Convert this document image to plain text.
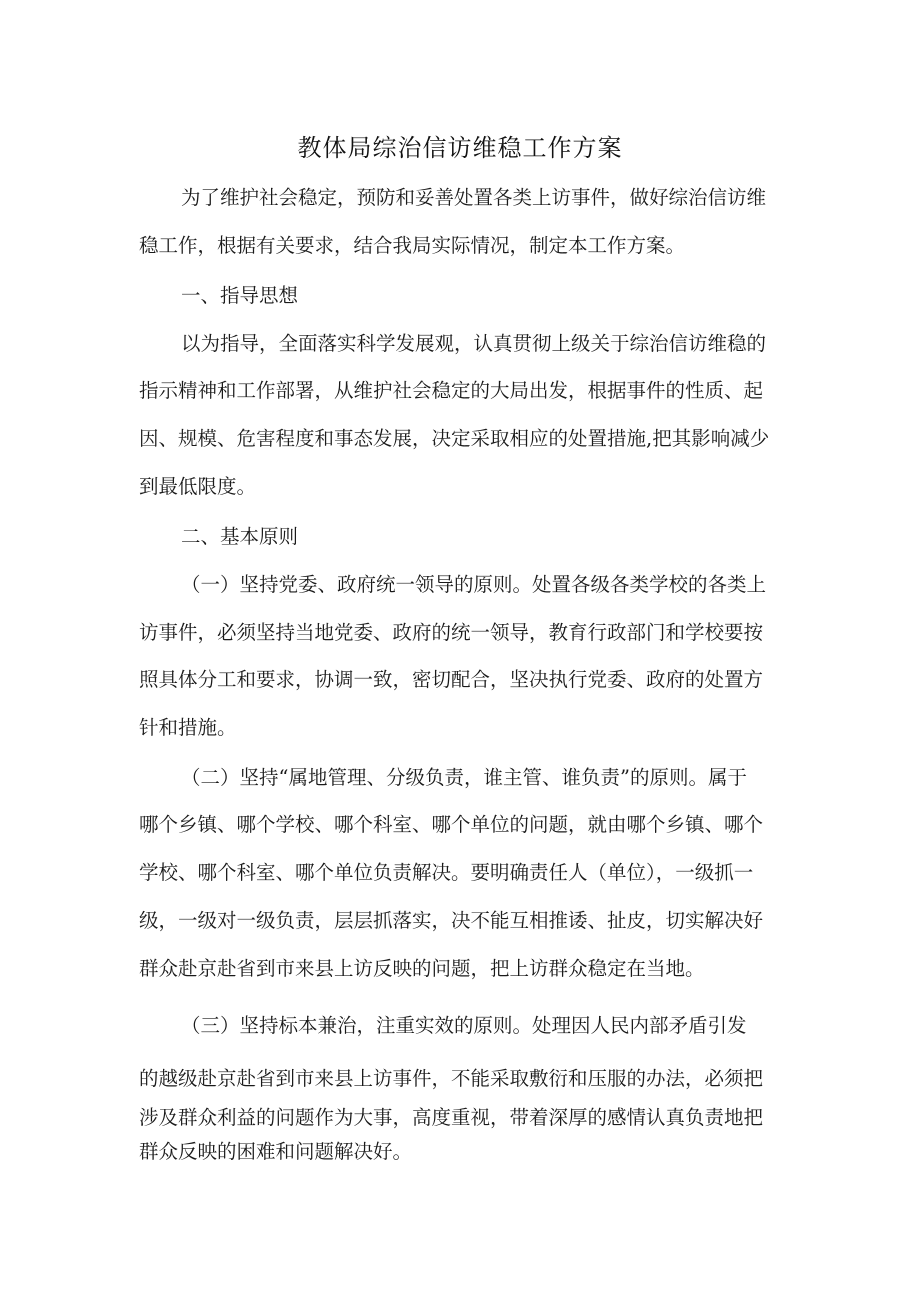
教体局综治信访维稳工作方案
为了维护社会稳定，预防和妥善处置各类上访事件，做好综治信访维
稳工作，根据有关要求，结合我局实际情况，制定本工作方案。
一、指导思想
以为指导，全面落实科学发展观，认真贯彻上级关于综治信访维稳的
指示精神和工作部署，从维护社会稳定的大局出发，根据事件的性质、起
因、规模、危害程度和事态发展，决定采取相应的处置措施,把其影响减少
到最低限度。
二、基本原则
（一）坚持党委、政府统一领导的原则。处置各级各类学校的各类上
访事件，必须坚持当地党委、政府的统一领导，教育行政部门和学校要按
照具体分工和要求，协调一致，密切配合，坚决执行党委、政府的处置方
针和措施。
（二）坚持“属地管理、分级负责，谁主管、谁负责”的原则。属于
哪个乡镇、哪个学校、哪个科室、哪个单位的问题，就由哪个乡镇、哪个
学校、哪个科室、哪个单位负责解决。要明确责任人（单位），一级抓一
级，一级对一级负责，层层抓落实，决不能互相推诿、扯皮，切实解决好
群众赴京赴省到市来县上访反映的问题，把上访群众稳定在当地。
（三）坚持标本兼治，注重实效的原则。处理因人民内部矛盾引发
的越级赴京赴省到市来县上访事件，不能采取敷衍和压服的办法，必须把
涉及群众利益的问题作为大事，高度重视，带着深厚的感情认真负责地把
群众反映的困难和问题解决好。
